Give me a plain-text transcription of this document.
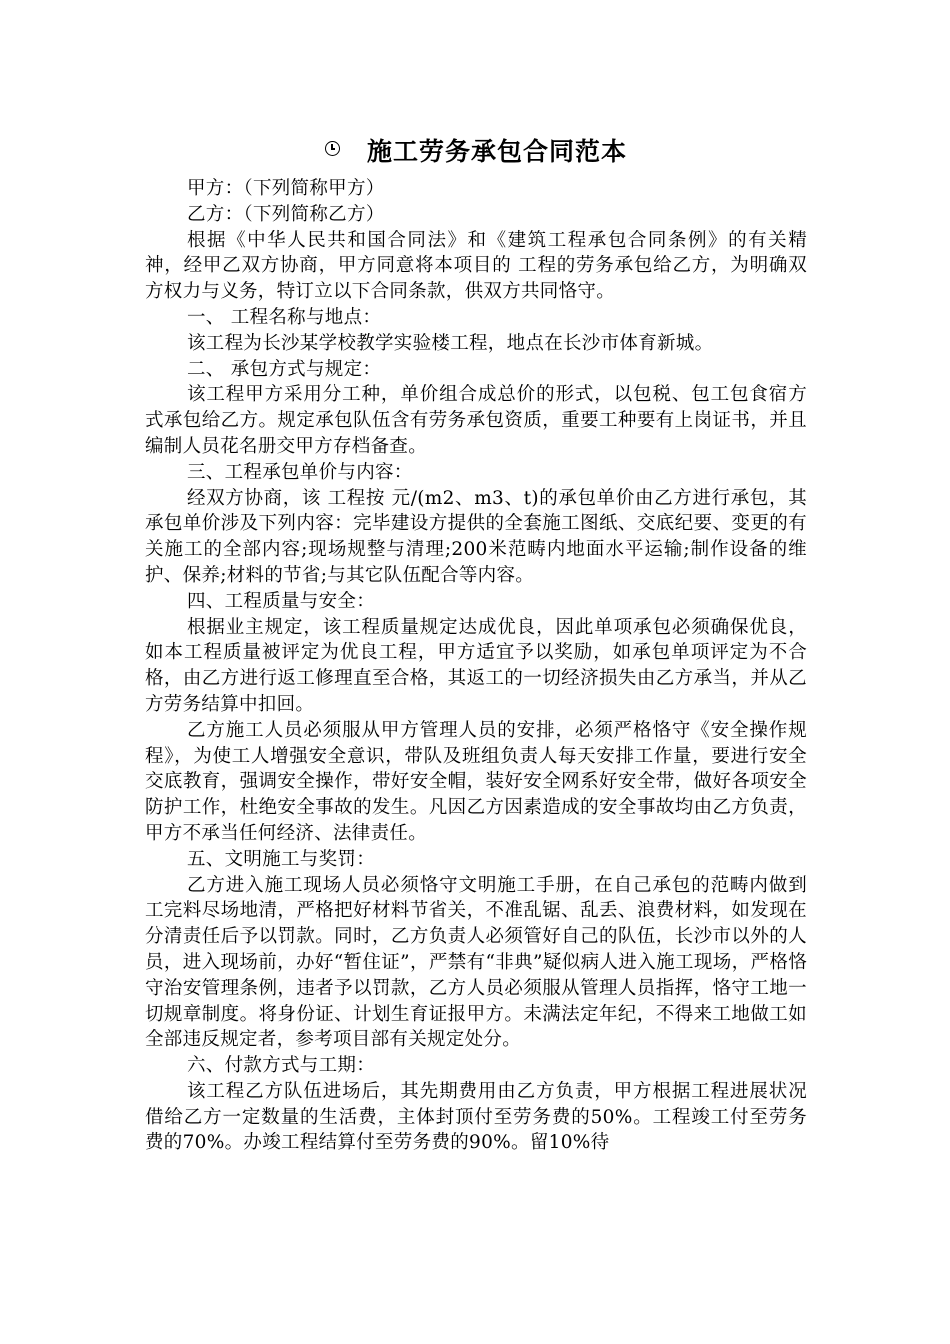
施工劳务承包合同范本

甲方：（下列简称甲方）

乙方：（下列简称乙方）

根据《中华人民共和国合同法》和《建筑工程承包合同条例》的有关精神，经甲乙双方协商，甲方同意将本项目的 工程的劳务承包给乙方，为明确双方权力与义务，特订立以下合同条款，供双方共同恪守。

一、 工程名称与地点：

该工程为长沙某学校教学实验楼工程，地点在长沙市体育新城。

二、 承包方式与规定：

该工程甲方采用分工种，单价组合成总价的形式，以包税、包工包食宿方式承包给乙方。规定承包队伍含有劳务承包资质，重要工种要有上岗证书，并且编制人员花名册交甲方存档备查。

三、工程承包单价与内容：

经双方协商，该 工程按 元/(m2、m3、t)的承包单价由乙方进行承包，其承包单价涉及下列内容：完毕建设方提供的全套施工图纸、交底纪要、变更的有关施工的全部内容;现场规整与清理;200米范畴内地面水平运输;制作设备的维护、保养;材料的节省;与其它队伍配合等内容。

四、工程质量与安全：

根据业主规定，该工程质量规定达成优良，因此单项承包必须确保优良，如本工程质量被评定为优良工程，甲方适宜予以奖励，如承包单项评定为不合格，由乙方进行返工修理直至合格，其返工的一切经济损失由乙方承当，并从乙方劳务结算中扣回。

乙方施工人员必须服从甲方管理人员的安排，必须严格恪守《安全操作规程》，为使工人增强安全意识，带队及班组负责人每天安排工作量，要进行安全交底教育，强调安全操作，带好安全帽，装好安全网系好安全带，做好各项安全防护工作，杜绝安全事故的发生。凡因乙方因素造成的安全事故均由乙方负责，甲方不承当任何经济、法律责任。

五、文明施工与奖罚：

乙方进入施工现场人员必须恪守文明施工手册，在自己承包的范畴内做到工完料尽场地清，严格把好材料节省关，不准乱锯、乱丢、浪费材料，如发现在分清责任后予以罚款。同时，乙方负责人必须管好自己的队伍，长沙市以外的人员，进入现场前，办好“暂住证”，严禁有“非典”疑似病人进入施工现场，严格恪守治安管理条例，违者予以罚款，乙方人员必须服从管理人员指挥，恪守工地一切规章制度。将身份证、计划生育证报甲方。未满法定年纪，不得来工地做工如全部违反规定者，参考项目部有关规定处分。

六、付款方式与工期：

该工程乙方队伍进场后，其先期费用由乙方负责，甲方根据工程进展状况借给乙方一定数量的生活费，主体封顶付至劳务费的50%。工程竣工付至劳务费的70%。办竣工程结算付至劳务费的90%。留10%待
